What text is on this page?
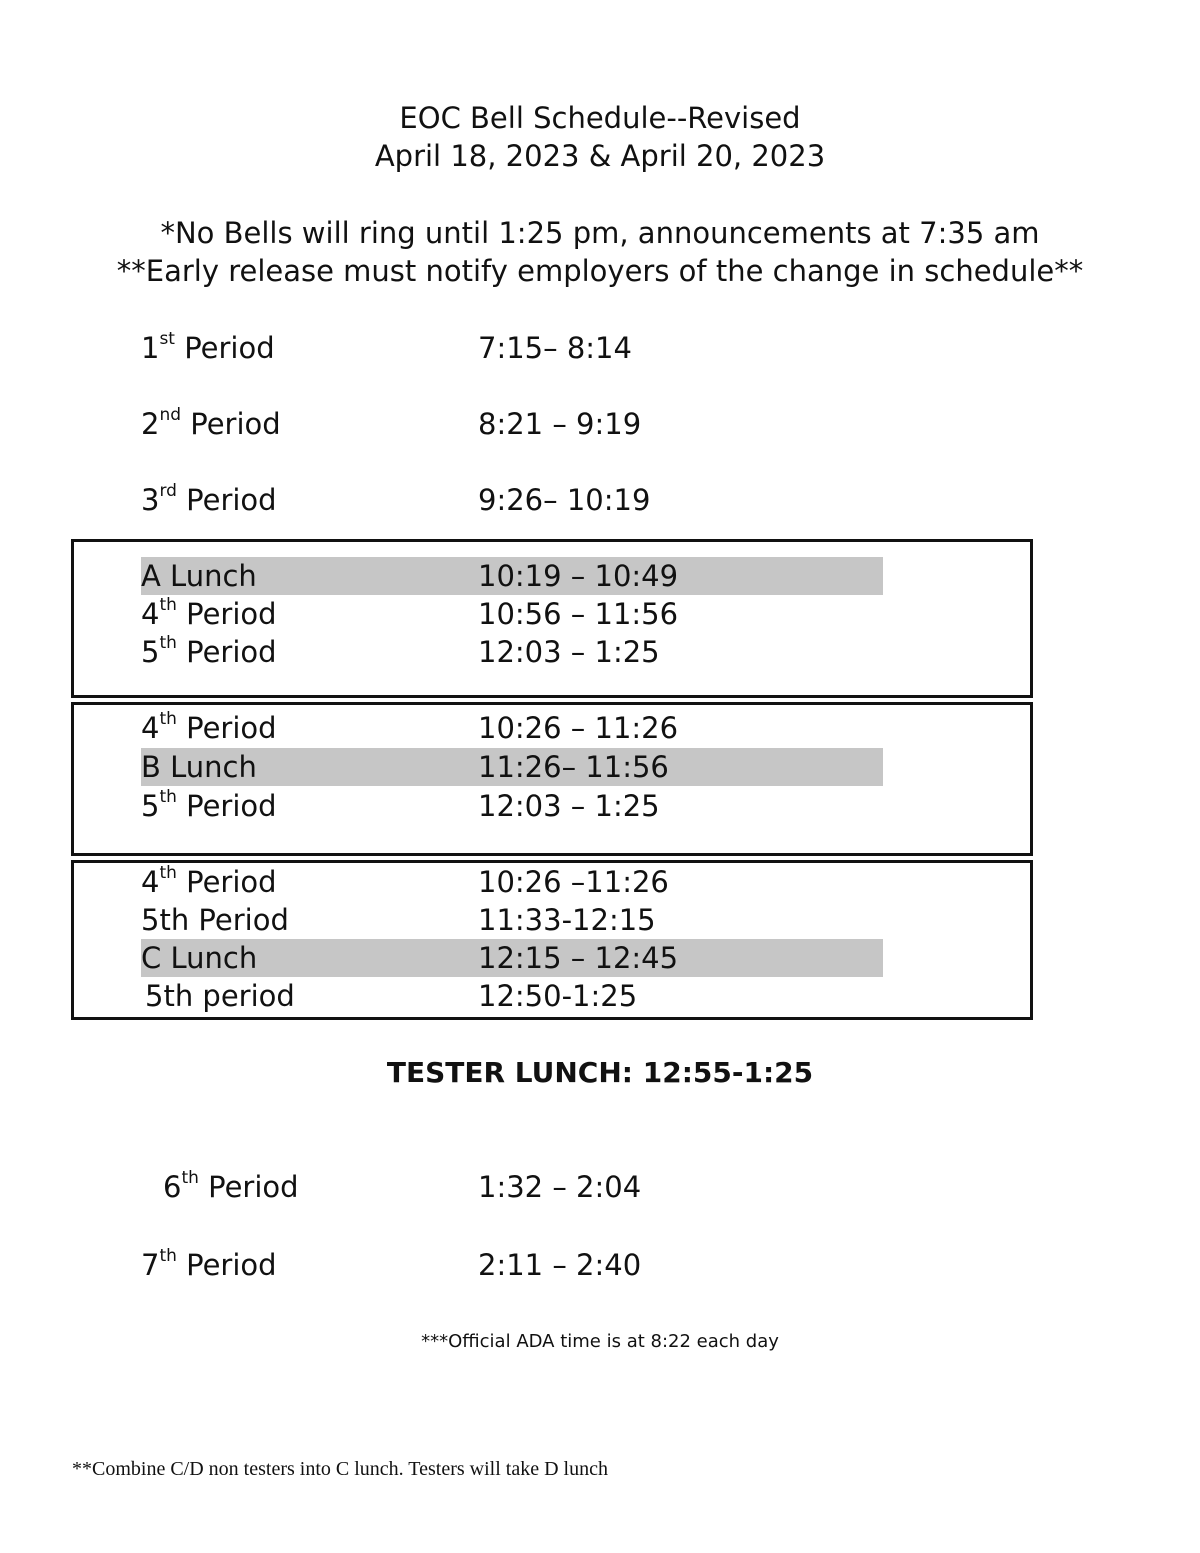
EOC Bell Schedule--Revised
April 18, 2023 & April 20, 2023
*No Bells will ring until 1:25 pm, announcements at 7:35 am
**Early release must notify employers of the change in schedule**
1st Period	7:15– 8:14
2nd Period	8:21 – 9:19
3rd Period	9:26– 10:19
A Lunch	10:19 – 10:49
4th Period	10:56 – 11:56
5th Period	12:03 – 1:25
4th Period	10:26 – 11:26
B Lunch	11:26– 11:56
5th Period	12:03 – 1:25
4th Period	10:26 –11:26
5th Period	11:33-12:15
C Lunch	12:15 – 12:45
5th period	12:50-1:25
TESTER LUNCH: 12:55-1:25
6th Period	1:32 – 2:04
7th Period	2:11 – 2:40
***Official ADA time is at 8:22 each day
**Combine C/D non testers into C lunch. Testers will take D lunch
